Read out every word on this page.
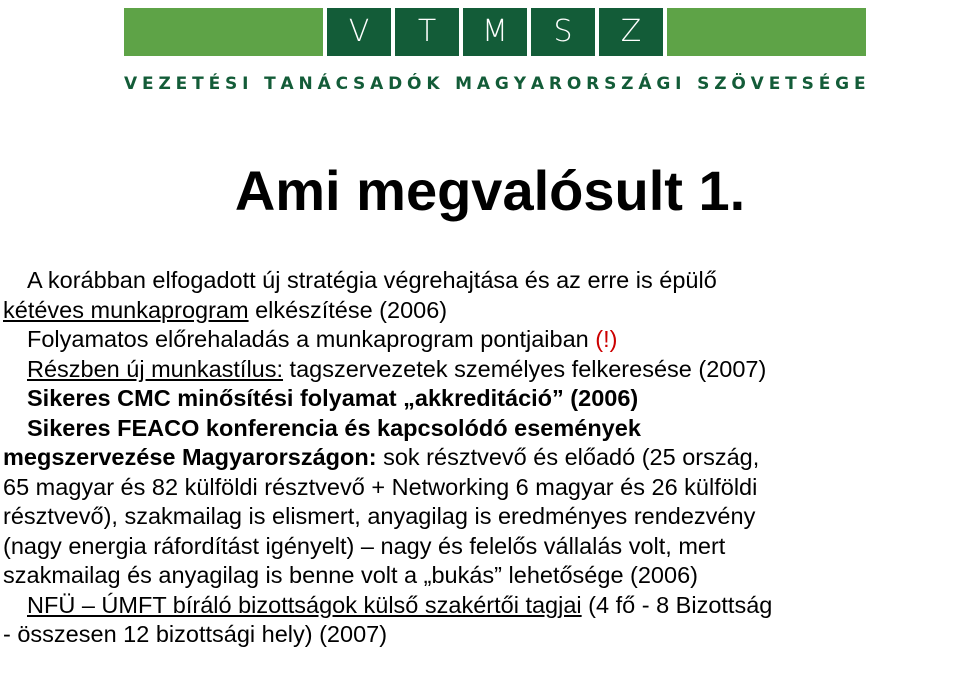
V	T	M	S	Z
V E Z E T É S I
T A N Á C S A D Ó K
M A G Y A R O R S Z Á G I
S Z Ö V E T S É G E
Ami megvalósult 1.
A korábban elfogadott új stratégia végrehajtása és az erre is épülő
kétéves munkaprogram elkészítése (2006)
Folyamatos előrehaladás a munkaprogram pontjaiban (!)
Részben új munkastílus: tagszervezetek személyes felkeresése (2007)
Sikeres CMC minősítési folyamat „akkreditáció” (2006)
Sikeres FEACO konferencia és kapcsolódó események
megszervezése Magyarországon: sok résztvevő és előadó (25 ország,
65 magyar és 82 külföldi résztvevő + Networking 6 magyar és 26 külföldi
résztvevő), szakmailag is elismert, anyagilag is eredményes rendezvény
(nagy energia ráfordítást igényelt) – nagy és felelős vállalás volt, mert
szakmailag és anyagilag is benne volt a „bukás” lehetősége (2006)
NFÜ – ÚMFT bíráló bizottságok külső szakértői tagjai (4 fő - 8 Bizottság
- összesen 12 bizottsági hely) (2007)
